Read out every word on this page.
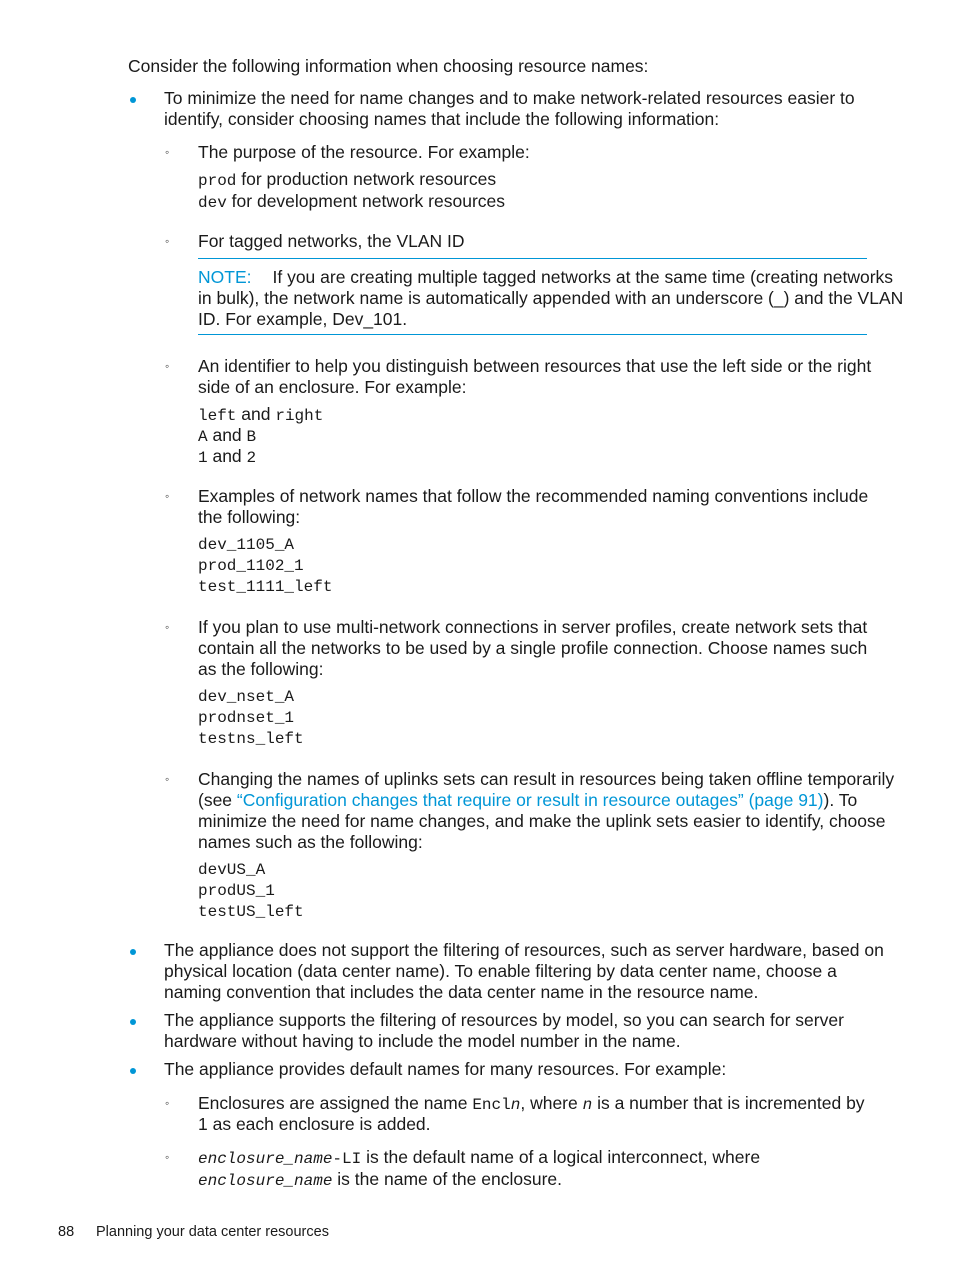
Consider the following information when choosing resource names:
To minimize the need for name changes and to make network-related resources easier to
identify, consider choosing names that include the following information:
◦ The purpose of the resource. For example:
prod for production network resources
dev for development network resources
◦ For tagged networks, the VLAN ID
NOTE: If you are creating multiple tagged networks at the same time (creating networks
in bulk), the network name is automatically appended with an underscore (_) and the VLAN
ID. For example, Dev_101.
◦ An identifier to help you distinguish between resources that use the left side or the right
side of an enclosure. For example:
left and right
A and B
1 and 2
◦ Examples of network names that follow the recommended naming conventions include
the following:
dev_1105_A
prod_1102_1
test_1111_left
◦ If you plan to use multi-network connections in server profiles, create network sets that
contain all the networks to be used by a single profile connection. Choose names such
as the following:
dev_nset_A
prodnset_1
testns_left
◦ Changing the names of uplinks sets can result in resources being taken offline temporarily
(see “Configuration changes that require or result in resource outages” (page 91)). To
minimize the need for name changes, and make the uplink sets easier to identify, choose
names such as the following:
devUS_A
prodUS_1
testUS_left
The appliance does not support the filtering of resources, such as server hardware, based on
physical location (data center name). To enable filtering by data center name, choose a
naming convention that includes the data center name in the resource name.
The appliance supports the filtering of resources by model, so you can search for server
hardware without having to include the model number in the name.
The appliance provides default names for many resources. For example:
◦ Enclosures are assigned the name Encln, where n is a number that is incremented by
1 as each enclosure is added.
◦ enclosure_name-LI is the default name of a logical interconnect, where
enclosure_name is the name of the enclosure.
88 Planning your data center resources
